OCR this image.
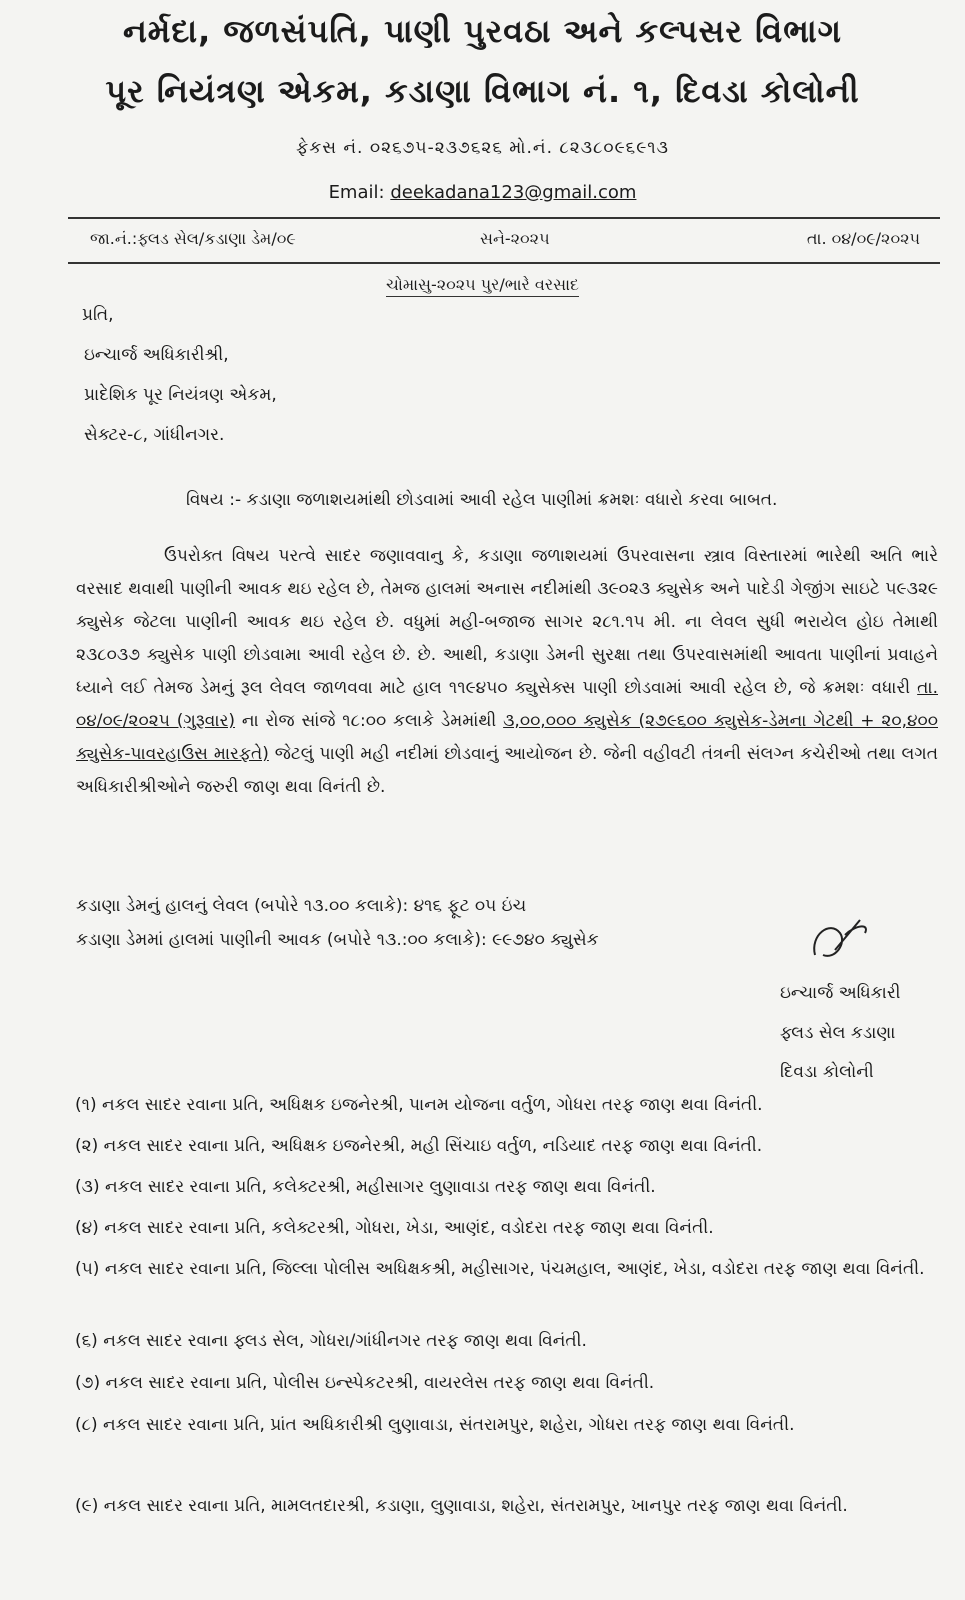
નર્મદા, જળસંપતિ, પાણી પુરવઠા અને કલ્પસર વિભાગ
પૂર નિયંત્રણ એકમ, કડાણા વિભાગ નં. ૧, દિવડા કોલોની
ફેકસ નં. ૦૨૬૭૫-૨૩૭૬૨૬ મો.નં. ૮૨૩૮૦૯૬૯૧૩
Email: deekadana123@gmail.com
જા.નં.:ફ્લડ સેલ/કડાણા ડેમ/૦૯	સને-૨૦૨૫	તા. ૦૪/૦૯/૨૦૨૫
ચોમાસુ-૨૦૨૫ પુર/ભારે વરસાદ
પ્રતિ,
ઇન્ચાર્જ અધિકારીશ્રી,
પ્રાદેશિક પૂર નિયંત્રણ એકમ,
સેક્ટર-૮, ગાંધીનગર.
વિષય :- કડાણા જળાશયમાંથી છોડવામાં આવી રહેલ પાણીમાં ક્રમશઃ વધારો કરવા બાબત.
ઉપરોક્ત વિષય પરત્વે સાદર જણાવવાનુ કે, કડાણા જળાશયમાં ઉપરવાસના સ્ત્રાવ વિસ્તારમાં ભારેથી અતિ ભારે વરસાદ થવાથી પાણીની આવક થઇ રહેલ છે, તેમજ હાલમાં અનાસ નદીમાંથી ૩૯૦૨૩ ક્યુસેક અને પાદેડી ગેજીંગ સાઇટે ૫૯૩૨૯ ક્યુસેક જેટલા પાણીની આવક થઇ રહેલ છે. વધુમાં મહી-બજાજ સાગર ૨૮૧.૧૫ મી. ના લેવલ સુધી ભરાયેલ હોઇ તેમાથી ૨૩૮૦૩૭ ક્યુસેક પાણી છોડવામા આવી રહેલ છે. છે. આથી, કડાણા ડેમની સુરક્ષા તથા ઉપરવાસમાંથી આવતા પાણીનાં પ્રવાહને ધ્યાને લઈ તેમજ ડેમનું રૂલ લેવલ જાળવવા માટે હાલ ૧૧૯૪૫૦ ક્યુસેક્સ પાણી છોડવામાં આવી રહેલ છે, જે ક્રમશઃ વધારી તા. ૦૪/૦૯/૨૦૨૫ (ગુરૂવાર) ના રોજ સાંજે ૧૮:૦૦ કલાકે ડેમમાંથી ૩,૦૦,૦૦૦ ક્યુસેક (૨૭૯૬૦૦ ક્યુસેક-ડેમના ગેટથી + ૨૦,૪૦૦ ક્યુસેક-પાવરહાઉસ મારફતે) જેટલું પાણી મહી નદીમાં છોડવાનું આયોજન છે. જેની વહીવટી તંત્રની સંલગ્ન કચેરીઓ તથા લગત અધિકારીશ્રીઓને જરુરી જાણ થવા વિનંતી છે.
કડાણા ડેમનું હાલનું લેવલ (બપોરે ૧૩.૦૦ કલાકે): ૪૧૬ ફૂટ ૦૫ ઇંચ
કડાણા ડેમમાં હાલમાં પાણીની આવક (બપોરે ૧૩.:૦૦ કલાકે): ૯૯૭૪૦ ક્યુસેક
ઇન્ચાર્જ અધિકારી
ફ્લડ સેલ કડાણા
દિવડા કોલોની
(૧) નકલ સાદર રવાના પ્રતિ, અધિક્ષક ઇજનેરશ્રી, પાનમ યોજના વર્તુળ, ગોધરા તરફ જાણ થવા વિનંતી.
(૨) નકલ સાદર રવાના પ્રતિ, અધિક્ષક ઇજનેરશ્રી, મહી સિંચાઇ વર્તુળ, નડિયાદ તરફ જાણ થવા વિનંતી.
(૩) નકલ સાદર રવાના પ્રતિ, કલેક્ટરશ્રી, મહીસાગર લુણાવાડા તરફ જાણ થવા વિનંતી.
(૪) નકલ સાદર રવાના પ્રતિ, કલેક્ટરશ્રી, ગોધરા, ખેડા, આણંદ, વડોદરા તરફ જાણ થવા વિનંતી.
(૫) નકલ સાદર રવાના પ્રતિ, જિલ્લા પોલીસ અધિક્ષકશ્રી, મહીસાગર, પંચમહાલ, આણંદ, ખેડા, વડોદરા તરફ જાણ થવા વિનંતી.
(૬) નકલ સાદર રવાના ફ્લડ સેલ, ગોધરા/ગાંધીનગર તરફ જાણ થવા વિનંતી.
(૭) નકલ સાદર રવાના પ્રતિ, પોલીસ ઇન્સ્પેકટરશ્રી, વાયરલેસ તરફ જાણ થવા વિનંતી.
(૮) નકલ સાદર રવાના પ્રતિ, પ્રાંત અધિકારીશ્રી લુણાવાડા, સંતરામપુર, શહેરા, ગોધરા તરફ જાણ થવા વિનંતી.
(૯) નકલ સાદર રવાના પ્રતિ, મામલતદારશ્રી, કડાણા, લુણાવાડા, શહેરા, સંતરામપુર, ખાનપુર તરફ જાણ થવા વિનંતી.
